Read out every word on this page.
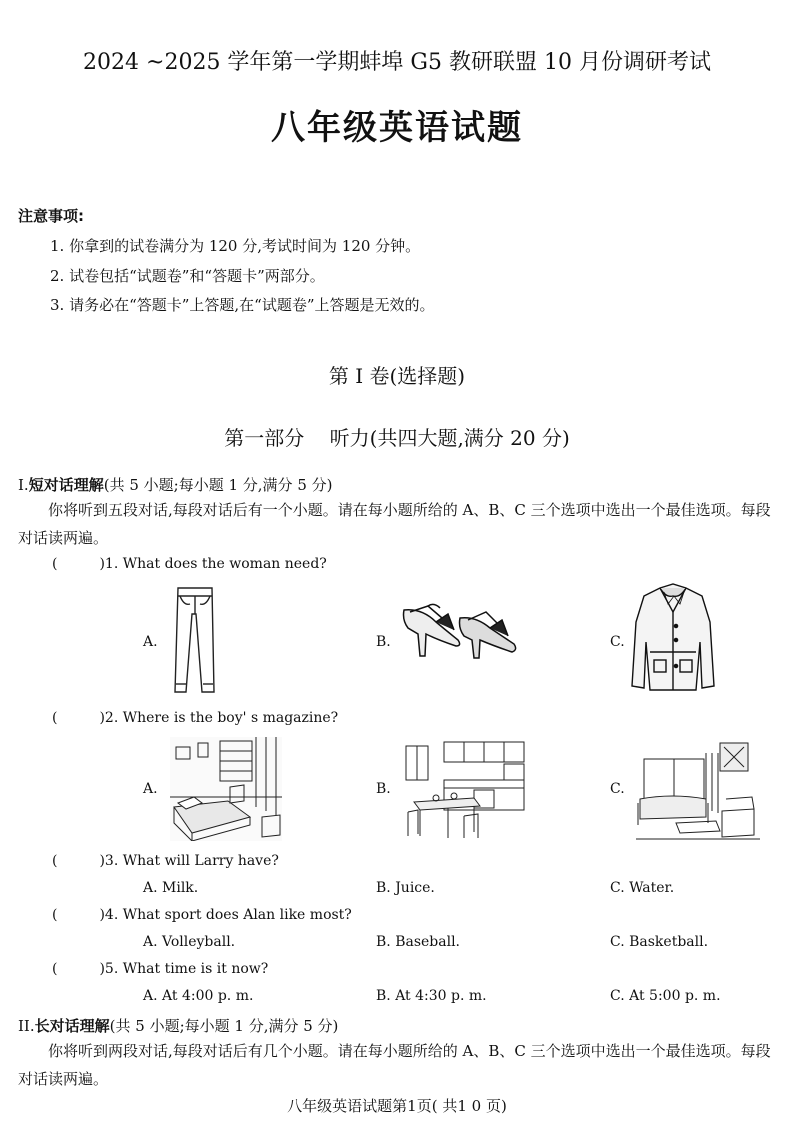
2024 ~2025 学年第一学期蚌埠 G5 教研联盟 10 月份调研考试
八年级英语试题
注意事项:
1. 你拿到的试卷满分为 120 分,考试时间为 120 分钟。
2. 试卷包括“试题卷”和“答题卡”两部分。
3. 请务必在“答题卡”上答题,在“试题卷”上答题是无效的。
第 I 卷(选择题)
第一部分    听力(共四大题,满分 20 分)
I.短对话理解(共 5 小题;每小题 1 分,满分 5 分)
你将听到五段对话,每段对话后有一个小题。请在每小题所给的 A、B、C 三个选项中选出一个最佳选项。每段对话读两遍。
(	)1. What does the woman need?
A.	B.	C.
(	)2. Where is the boy' s magazine?
A.	B.	C.
(	)3. What will Larry have?
A. Milk.	B. Juice.	C. Water.
(	)4. What sport does Alan like most?
A. Volleyball.	B. Baseball.	C. Basketball.
(	)5. What time is it now?
A. At 4:00 p. m.	B. At 4:30 p. m.	C. At 5:00 p. m.
II.长对话理解(共 5 小题;每小题 1 分,满分 5 分)
你将听到两段对话,每段对话后有几个小题。请在每小题所给的 A、B、C 三个选项中选出一个最佳选项。每段对话读两遍。
八年级英语试题第1页( 共1 0 页)
